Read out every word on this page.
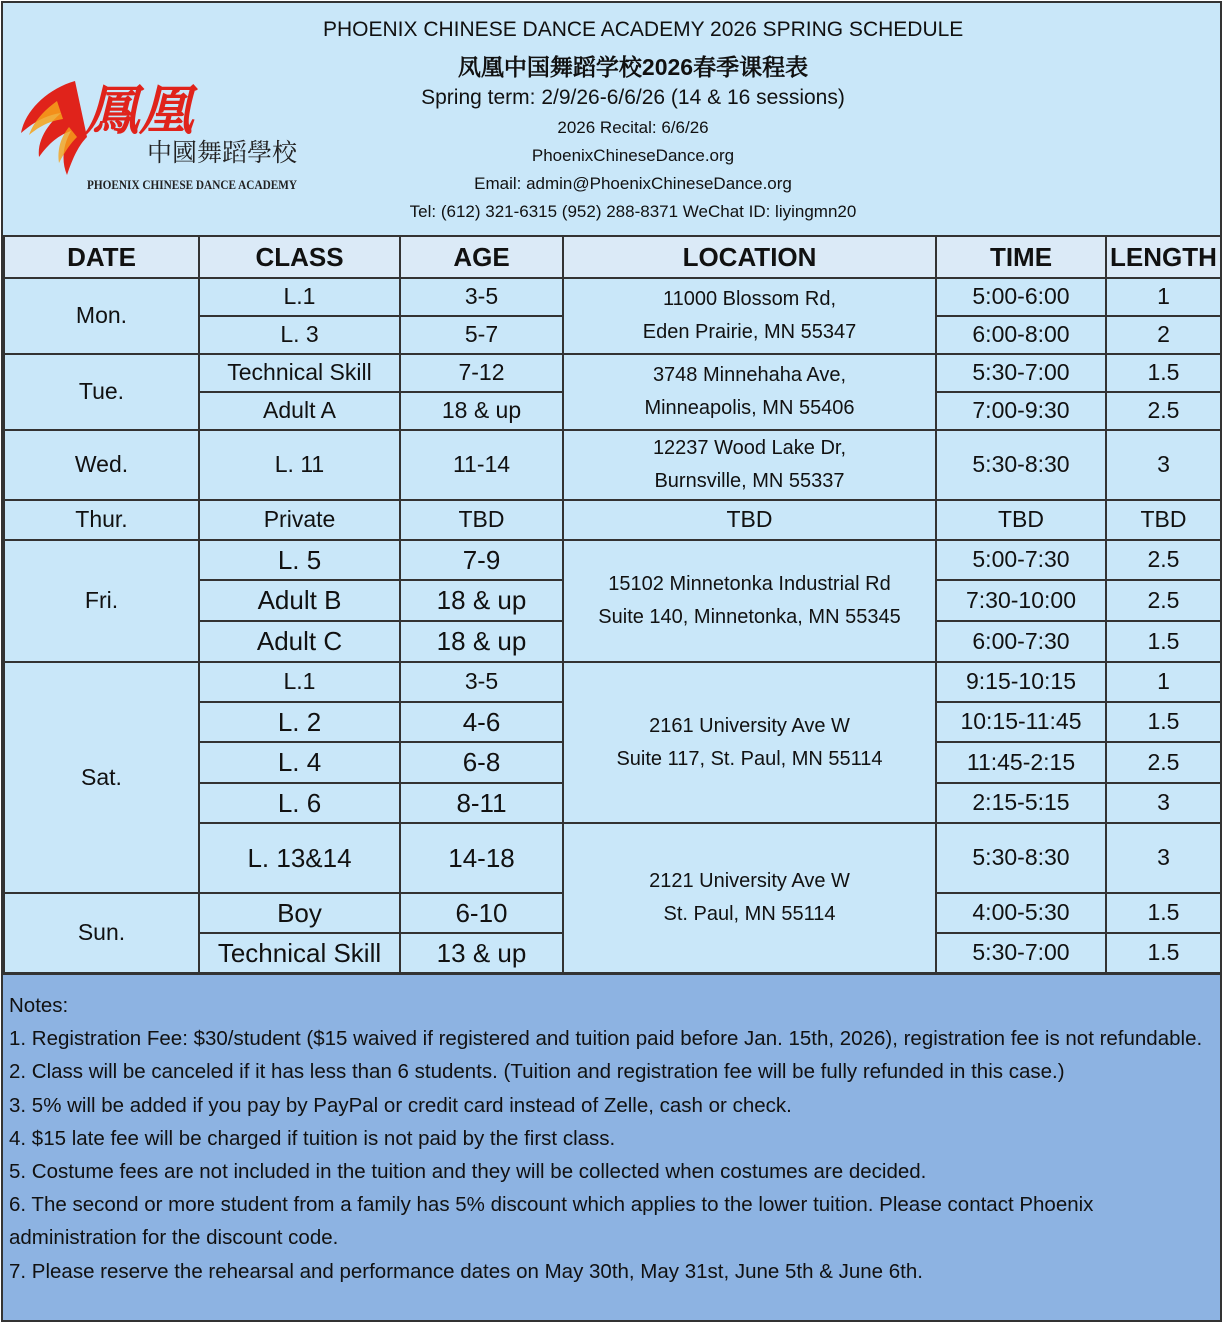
鳳凰
中國舞蹈學校
PHOENIX CHINESE DANCE ACADEMY
PHOENIX CHINESE DANCE ACADEMY 2026 SPRING SCHEDULE
凤凰中国舞蹈学校2026春季课程表
Spring term: 2/9/26-6/6/26 (14 & 16 sessions)
2026 Recital: 6/6/26
PhoenixChineseDance.org
Email: admin@PhoenixChineseDance.org
Tel: (612) 321-6315 (952) 288-8371 WeChat ID: liyingmn20
DATE	CLASS	AGE	LOCATION	TIME	LENGTH
Mon.	L.1	3-5	11000 Blossom Rd,
Eden Prairie, MN 55347	5:00-6:00	1
	L. 3	5-7		6:00-8:00	2
Tue.	Technical Skill	7-12	3748 Minnehaha Ave,
Minneapolis, MN 55406	5:30-7:00	1.5
	Adult A	18 & up		7:00-9:30	2.5
Wed.	L. 11	11-14	12237 Wood Lake Dr,
Burnsville, MN 55337	5:30-8:30	3
Thur.	Private	TBD	TBD	TBD	TBD
Fri.	L. 5	7-9	15102 Minnetonka Industrial Rd
Suite 140, Minnetonka, MN 55345	5:00-7:30	2.5
	Adult B	18 & up		7:30-10:00	2.5
	Adult C	18 & up		6:00-7:30	1.5
Sat.	L.1	3-5	2161 University Ave W
Suite 117, St. Paul, MN 55114	9:15-10:15	1
	L. 2	4-6		10:15-11:45	1.5
	L. 4	6-8		11:45-2:15	2.5
	L. 6	8-11		2:15-5:15	3
	L. 13&14	14-18	2121 University Ave W
St. Paul, MN 55114	5:30-8:30	3
Sun.	Boy	6-10		4:00-5:30	1.5
	Technical Skill	13 & up		5:30-7:00	1.5
Notes:
1. Registration Fee: $30/student ($15 waived if registered and tuition paid before Jan. 15th, 2026), registration fee is not refundable.
2. Class will be canceled if it has less than 6 students. (Tuition and registration fee will be fully refunded in this case.)
3. 5% will be added if you pay by PayPal or credit card instead of Zelle, cash or check.
4. $15 late fee will be charged if tuition is not paid by the first class.
5. Costume fees are not included in the tuition and they will be collected when costumes are decided.
6. The second or more student from a family has 5% discount which applies to the lower tuition. Please contact Phoenix administration for the discount code.
7. Please reserve the rehearsal and performance dates on May 30th, May 31st, June 5th & June 6th.
